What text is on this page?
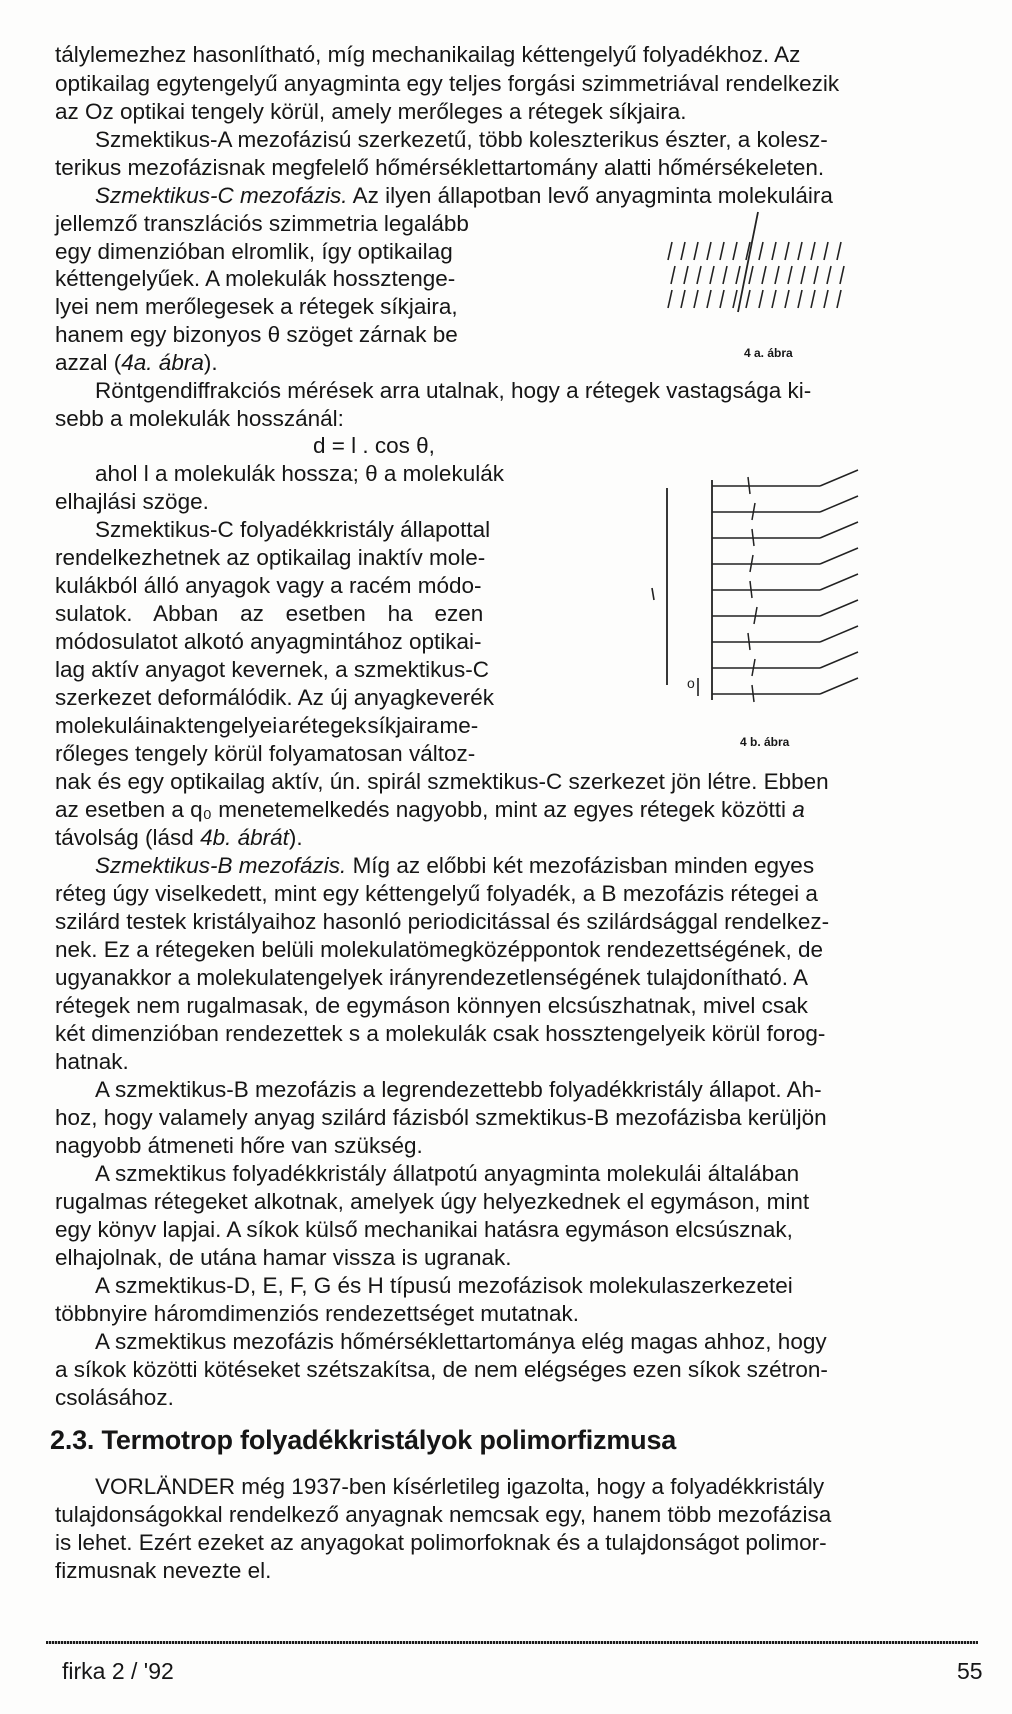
tálylemezhez hasonlítható, míg mechanikailag kéttengelyű folyadékhoz. Az
optikailag egytengelyű anyagminta egy teljes forgási szimmetriával rendelkezik
az Oz optikai tengely körül, amely merőleges a rétegek síkjaira.
Szmektikus-A mezofázisú szerkezetű, több koleszterikus észter, a kolesz-
terikus mezofázisnak megfelelő hőmérséklettartomány alatti hőmérsékeleten.
Szmektikus-C mezofázis. Az ilyen állapotban levő anyagminta molekuláira
jellemző transzlációs szimmetria legalább
egy dimenzióban elromlik, így optikailag
kéttengelyűek. A molekulák hossztenge-
lyei nem merőlegesek a rétegek síkjaira,
hanem egy bizonyos θ szöget zárnak be
azzal (4a. ábra).
Röntgendiffrakciós mérések arra utalnak, hogy a rétegek vastagsága ki-
sebb a molekulák hosszánál:
d = l . cos θ,
ahol l a molekulák hossza; θ a molekulák
elhajlási szöge.
Szmektikus-C folyadékkristály állapottal
rendelkezhetnek az optikailag inaktív mole-
kulákból álló anyagok vagy a racém módo-
sulatok. Abban az esetben ha ezen
módosulatot alkotó anyagmintához optikai-
lag aktív anyagot kevernek, a szmektikus-C
szerkezet deformálódik. Az új anyagkeverék
molekuláinak tengelyei a rétegek síkjaira me-
rőleges tengely körül folyamatosan változ-
nak és egy optikailag aktív, ún. spirál szmektikus-C szerkezet jön létre. Ebben
az esetben a q₀ menetemelkedés nagyobb, mint az egyes rétegek közötti a
távolság (lásd 4b. ábrát).
Szmektikus-B mezofázis. Míg az előbbi két mezofázisban minden egyes
réteg úgy viselkedett, mint egy kéttengelyű folyadék, a B mezofázis rétegei a
szilárd testek kristályaihoz hasonló periodicitással és szilárdsággal rendelkez-
nek. Ez a rétegeken belüli molekulatömegközéppontok rendezettségének, de
ugyanakkor a molekulatengelyek irányrendezetlenségének tulajdonítható. A
rétegek nem rugalmasak, de egymáson könnyen elcsúszhatnak, mivel csak
két dimenzióban rendezettek s a molekulák csak hossztengelyeik körül forog-
hatnak.
A szmektikus-B mezofázis a legrendezettebb folyadékkristály állapot. Ah-
hoz, hogy valamely anyag szilárd fázisból szmektikus-B mezofázisba kerüljön
nagyobb átmeneti hőre van szükség.
A szmektikus folyadékkristály állatpotú anyagminta molekulái általában
rugalmas rétegeket alkotnak, amelyek úgy helyezkednek el egymáson, mint
egy könyv lapjai. A síkok külső mechanikai hatásra egymáson elcsúsznak,
elhajolnak, de utána hamar vissza is ugranak.
A szmektikus-D, E, F, G és H típusú mezofázisok molekulaszerkezetei
többnyire háromdimenziós rendezettséget mutatnak.
A szmektikus mezofázis hőmérséklettartománya elég magas ahhoz, hogy
a síkok közötti kötéseket szétszakítsa, de nem elégséges ezen síkok szétron-
csolásához.
VORLÄNDER még 1937-ben kísérletileg igazolta, hogy a folyadékkristály
tulajdonságokkal rendelkező anyagnak nemcsak egy, hanem több mezofázisa
is lehet. Ezért ezeket az anyagokat polimorfoknak és a tulajdonságot polimor-
fizmusnak nevezte el.
2.3. Termotrop folyadékkristályok polimorfizmusa
4 a. ábra
o
4 b. ábra
firka 2 / '92	55
